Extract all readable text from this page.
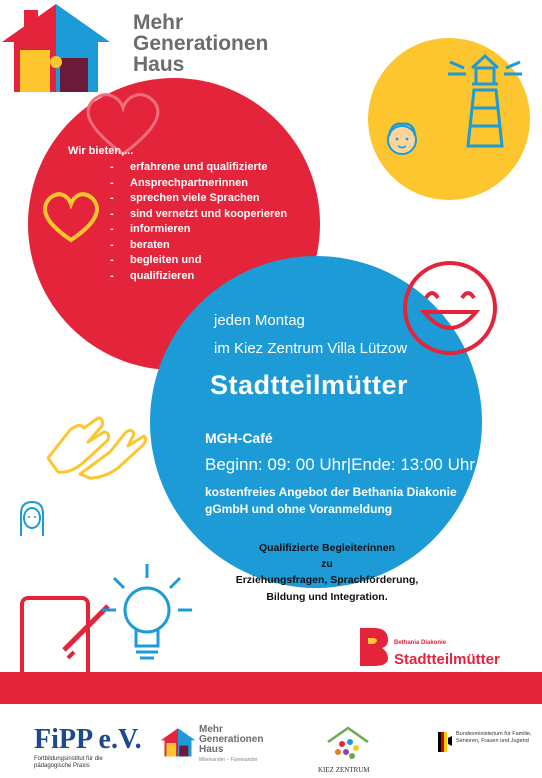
Mehr
Generationen
Haus
Wir bieten,...
- erfahrene und qualifizierte
- Ansprechpartnerinnen
- sprechen viele Sprachen
- sind vernetzt und kooperieren
- informieren
- beraten
- begleiten und
- qualifizieren
jeden Montag
im Kiez Zentrum Villa Lützow
Stadtteilmütter
MGH-Café
Beginn: 09: 00 Uhr|Ende: 13:00 Uhr
kostenfreies Angebot der Bethania Diakonie
gGmbH und ohne Voranmeldung
Qualifizierte Begleiterinnen
zu
Erziehungsfragen, Sprachförderung,
Bildung und Integration.
Bethania Diakonie
Stadtteilmütter
FiPP e.V.
Fortbildungsinstitut für die pädagogische Praxis
Mehr
Generationen
Haus
Miteinander – Füreinander
KIEZ ZENTRUM
Bundesministerium für Familie, Senioren, Frauen und Jugend
